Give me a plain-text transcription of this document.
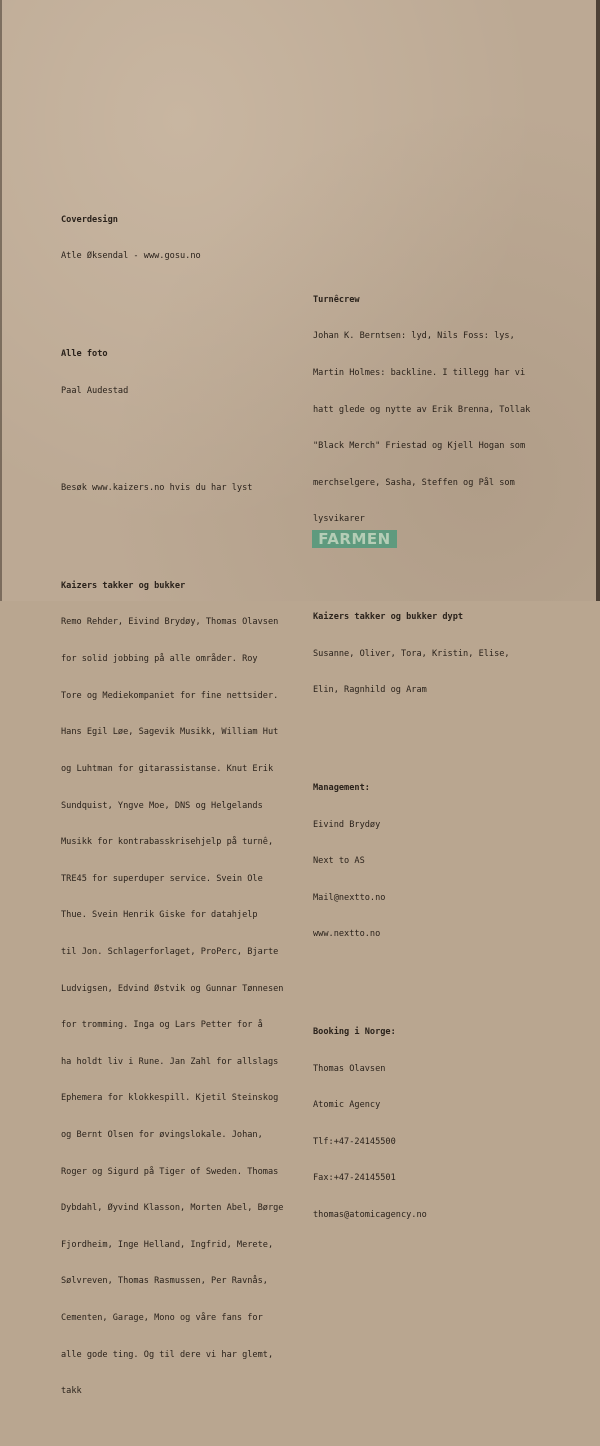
Coverdesign

Atle Øksendal - www.gosu.no

Alle foto

Paal Audestad

Besøk www.kaizers.no hvis du har lyst

Kaizers takker og bukker

Remo Rehder, Eivind Brydøy, Thomas Olavsen

for solid jobbing på alle områder. Roy

Tore og Mediekompaniet for fine nettsider.

Hans Egil Løe, Sagevik Musikk, William Hut

og Luhtman for gitarassistanse. Knut Erik

Sundquist, Yngve Moe, DNS og Helgelands

Musikk for kontrabasskrisehjelp på turnê,

TRE45 for superduper service. Svein Ole

Thue. Svein Henrik Giske for datahjelp

til Jon. Schlagerforlaget, ProPerc, Bjarte

Ludvigsen, Edvind Østvik og Gunnar Tønnesen

for tromming. Inga og Lars Petter for å

ha holdt liv i Rune. Jan Zahl for allslags

Ephemera for klokkespill. Kjetil Steinskog

og Bernt Olsen for øvingslokale. Johan,

Roger og Sigurd på Tiger of Sweden. Thomas

Dybdahl, Øyvind Klasson, Morten Abel, Børge

Fjordheim, Inge Helland, Ingfrid, Merete,

Sølvreven, Thomas Rasmussen, Per Ravnås,

Cementen, Garage, Mono og våre fans for

alle gode ting. Og til dere vi har glemt,

takk

Turnêcrew

Johan K. Berntsen: lyd, Nils Foss: lys,

Martin Holmes: backline. I tillegg har vi

hatt glede og nytte av Erik Brenna, Tollak

"Black Merch" Friestad og Kjell Hogan som

merchselgere, Sasha, Steffen og Pål som

lysvikarer

Kaizers takker og bukker dypt

Susanne, Oliver, Tora, Kristin, Elise,

Elin, Ragnhild og Aram

Management:

Eivind Brydøy

Next to AS

Mail@nextto.no

www.nextto.no

Booking i Norge:

Thomas Olavsen

Atomic Agency

Tlf:+47-24145500

Fax:+47-24145501

thomas@atomicagency.no

FARMEN
